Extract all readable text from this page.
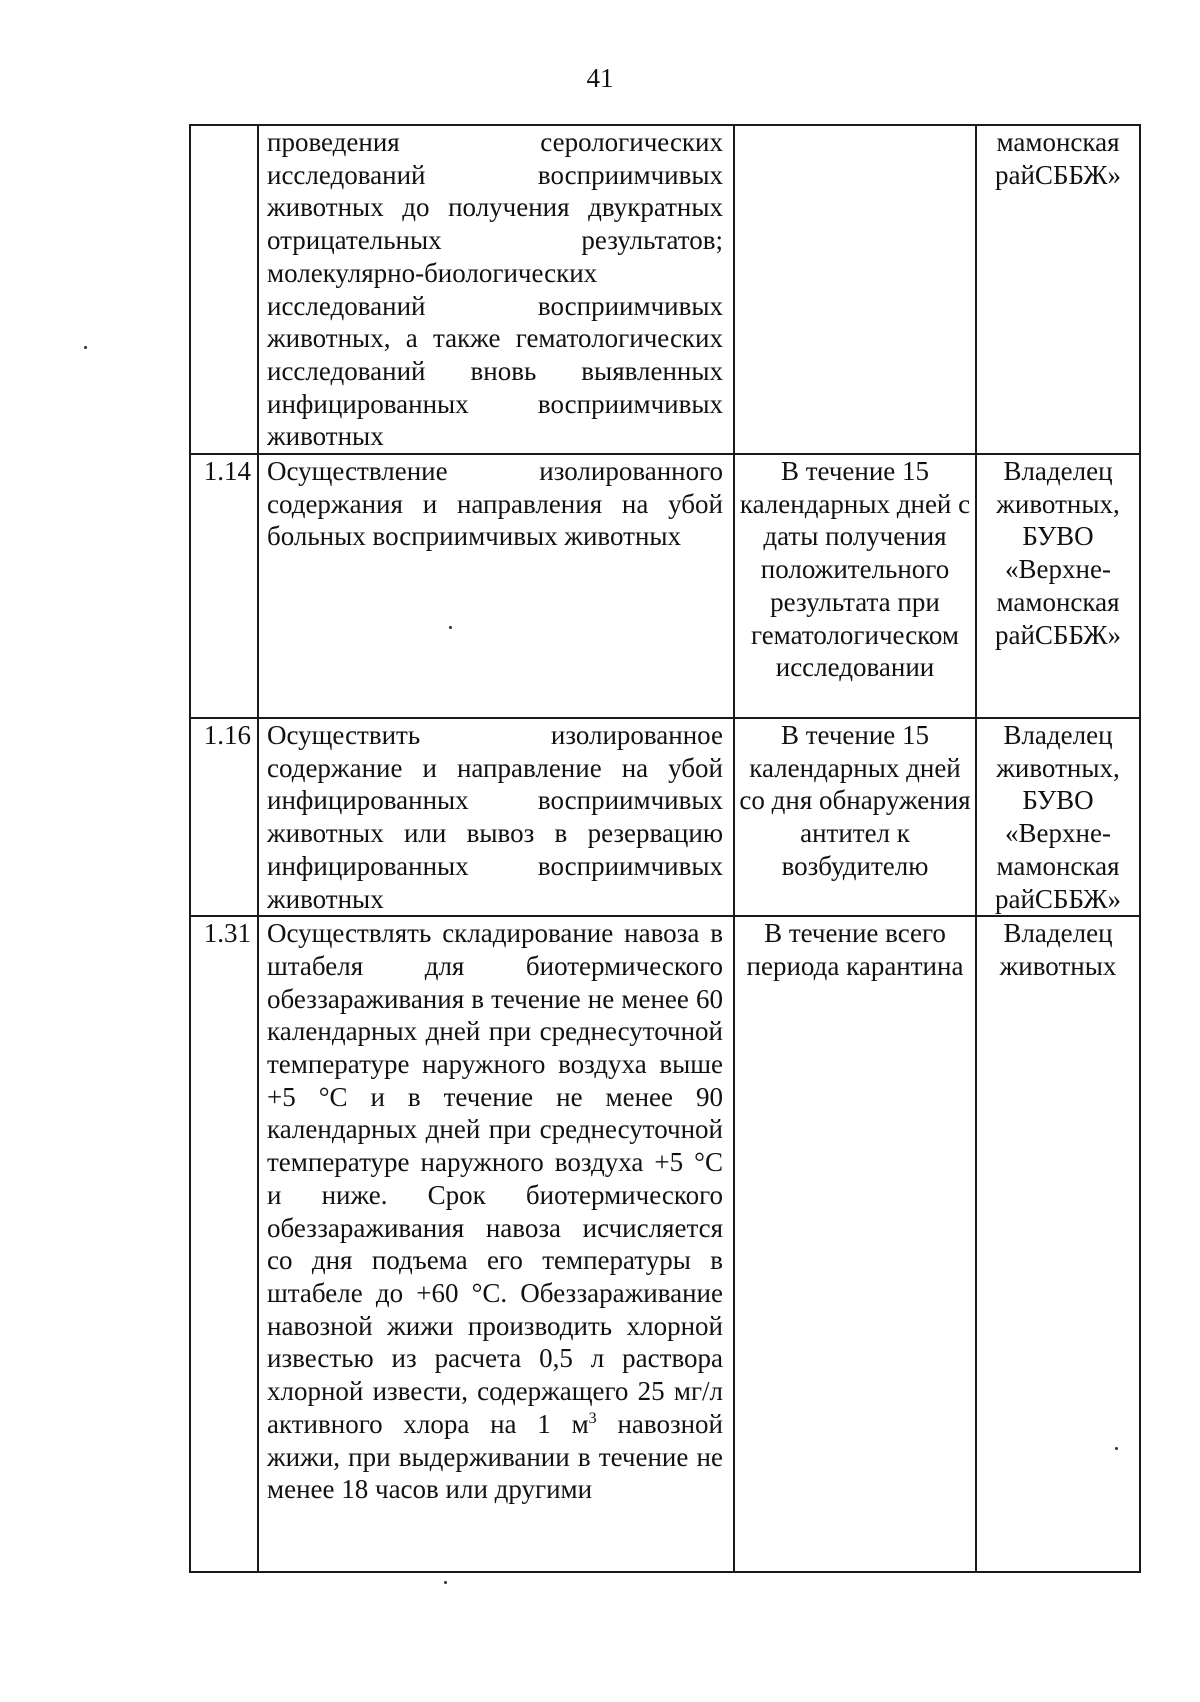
41
	проведения серологических исследований восприимчивых животных до получения двукратных отрицательных результатов; молекулярно-биологических исследований восприимчивых животных, а также гематологических исследований вновь выявленных инфицированных восприимчивых животных		мамонская райСББЖ»
1.14	Осуществление изолированного содержания и направления на убой больных восприимчивых животных	В течение 15 календарных дней с даты получения положительного результата при гематологическом исследовании	Владелец животных, БУВО «Верхне-мамонская райСББЖ»
1.16	Осуществить изолированное содержание и направление на убой инфицированных восприимчивых животных или вывоз в резервацию инфицированных восприимчивых животных	В течение 15 календарных дней со дня обнаружения антител к возбудителю	Владелец животных, БУВО «Верхне-мамонская райСББЖ»
1.31	Осуществлять складирование навоза в штабеля для биотермического обеззараживания в течение не менее 60 календарных дней при среднесуточной температуре наружного воздуха выше +5 °С и в течение не менее 90 календарных дней при среднесуточной температуре наружного воздуха +5 °С и ниже. Срок биотермического обеззараживания навоза исчисляется со дня подъема его температуры в штабеле до +60 °С. Обеззараживание навозной жижи производить хлорной известью из расчета 0,5 л раствора хлорной извести, содержащего 25 мг/л активного хлора на 1 $м^3$ навозной жижи, при выдерживании в течение не менее 18 часов или другими	В течение всего периода карантина	Владелец животных
